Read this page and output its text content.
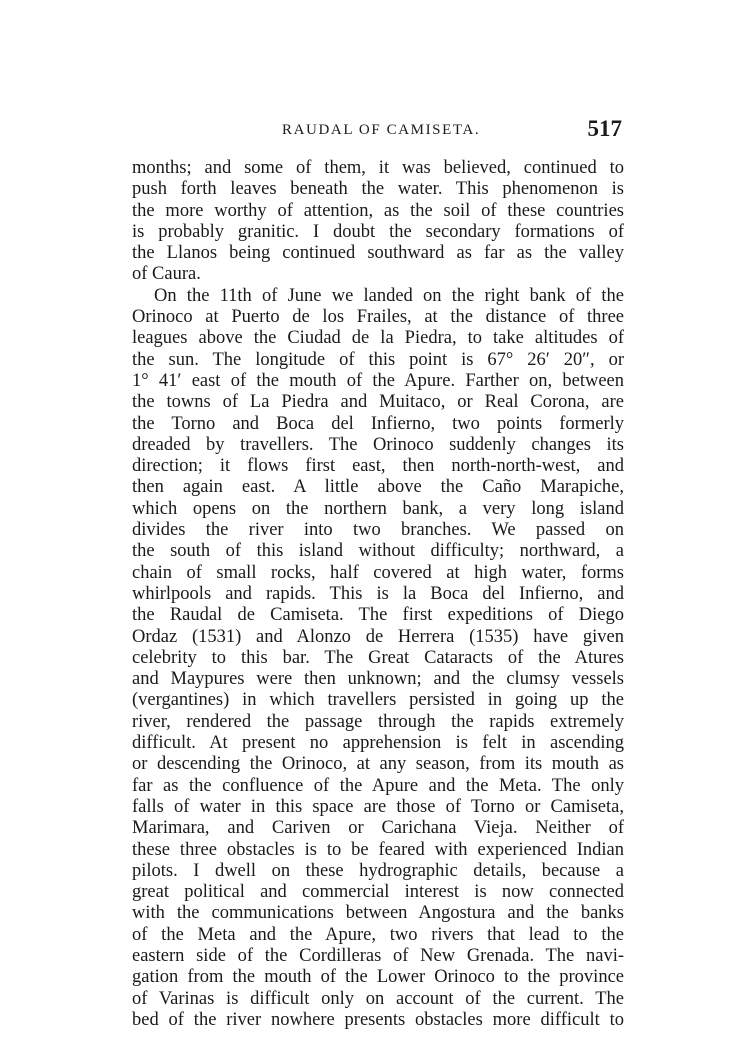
RAUDAL OF CAMISETA.	517
months; and some of them, it was believed, continued to
push forth leaves beneath the water. This phenomenon is
the more worthy of attention, as the soil of these countries
is probably granitic. I doubt the secondary formations of
the Llanos being continued southward as far as the valley
of Caura.
On the 11th of June we landed on the right bank of the
Orinoco at Puerto de los Frailes, at the distance of three
leagues above the Ciudad de la Piedra, to take altitudes of
the sun. The longitude of this point is 67° 26′ 20″, or
1° 41′ east of the mouth of the Apure. Farther on, between
the towns of La Piedra and Muitaco, or Real Corona, are
the Torno and Boca del Infierno, two points formerly
dreaded by travellers. The Orinoco suddenly changes its
direction; it flows first east, then north-north-west, and
then again east. A little above the Caño Marapiche,
which opens on the northern bank, a very long island
divides the river into two branches. We passed on
the south of this island without difficulty; northward, a
chain of small rocks, half covered at high water, forms
whirlpools and rapids. This is la Boca del Infierno, and
the Raudal de Camiseta. The first expeditions of Diego
Ordaz (1531) and Alonzo de Herrera (1535) have given
celebrity to this bar. The Great Cataracts of the Atures
and Maypures were then unknown; and the clumsy vessels
(vergantines) in which travellers persisted in going up the
river, rendered the passage through the rapids extremely
difficult. At present no apprehension is felt in ascending
or descending the Orinoco, at any season, from its mouth as
far as the confluence of the Apure and the Meta. The only
falls of water in this space are those of Torno or Camiseta,
Marimara, and Cariven or Carichana Vieja. Neither of
these three obstacles is to be feared with experienced Indian
pilots. I dwell on these hydrographic details, because a
great political and commercial interest is now connected
with the communications between Angostura and the banks
of the Meta and the Apure, two rivers that lead to the
eastern side of the Cordilleras of New Grenada. The navi-
gation from the mouth of the Lower Orinoco to the province
of Varinas is difficult only on account of the current. The
bed of the river nowhere presents obstacles more difficult to
